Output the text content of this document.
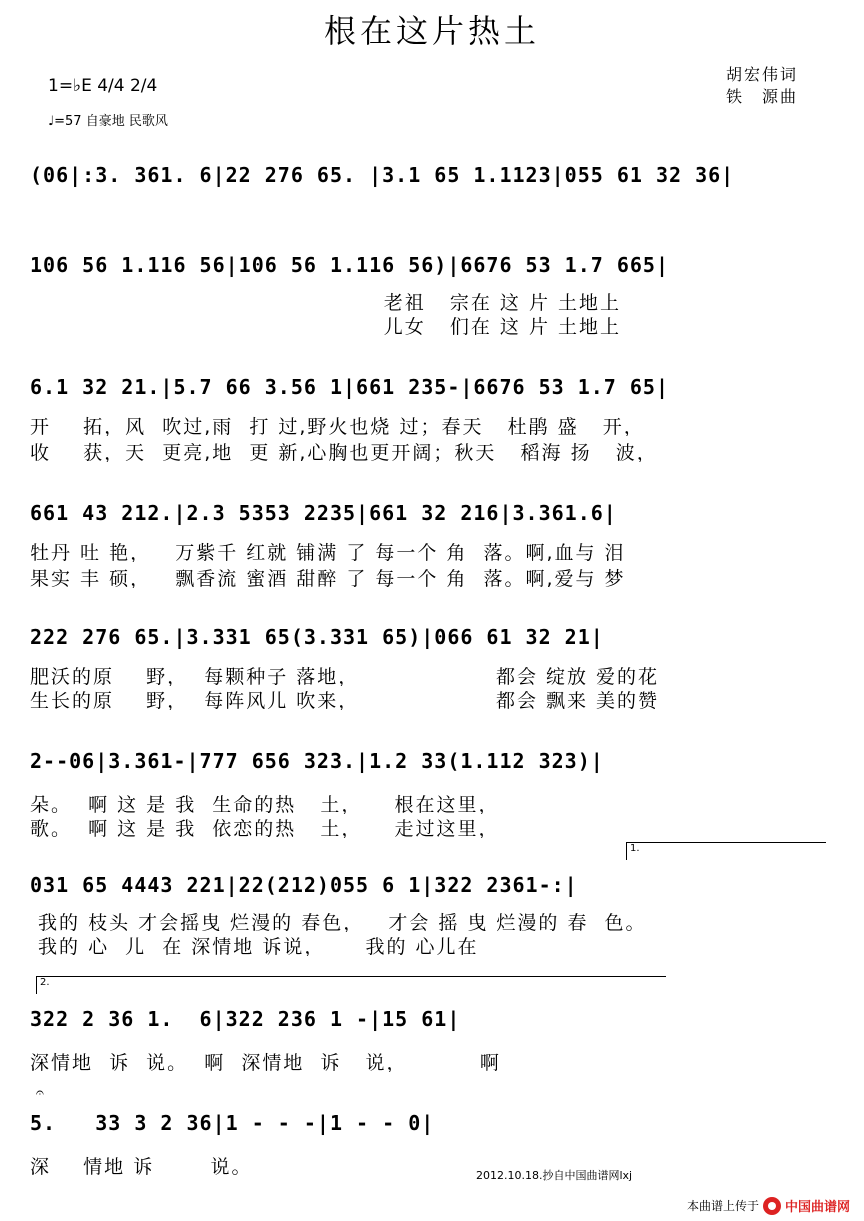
根在这片热土
1=♭E 4/4 2/4
♩=57 自豪地 民歌风
胡宏伟词
铁　源曲
(06|:3. 361. 6|22 276 65. |3.1 65 1.1123|055 61 32 36|
106 56 1.116 56|106 56 1.116 56)|6676 53 1.7 665|
老祖   宗在 这 片 土地上
儿女   们在 这 片 土地上
6.1 32 21.|5.7 66 3.56 1|661 235-|6676 53 1.7 65|
开    拓，风  吹过,雨  打 过,野火也烧 过；春天   杜鹃 盛   开，
收    获，天  更亮,地  更 新,心胸也更开阔；秋天   稻海 扬   波，
661 43 212.|2.3 5353 2235|661 32 216|3.361.6|
牡丹 吐 艳，   万紫千 红就 铺满 了 每一个 角  落。啊,血与 泪
果实 丰 硕，   飘香流 蜜酒 甜醉 了 每一个 角  落。啊,爱与 梦
222 276 65.|3.331 65(3.331 65)|066 61 32 21|
肥沃的原    野，  每颗种子 落地，                 都会 绽放 爱的花
生长的原    野，  每阵风儿 吹来，                 都会 飘来 美的赞
2--06|3.361-|777 656 323.|1.2 33(1.112 323)|
朵。  啊 这 是 我  生命的热   土，    根在这里，
歌。  啊 这 是 我  依恋的热   土，    走过这里，
1.
031 65 4443 221|22(212)055 6 1|322 2361-:|
我的 枝头 才会摇曳 烂漫的 春色，   才会 摇 曳 烂漫的 春  色。
我的 心  儿  在 深情地 诉说，     我的 心儿在
2.
322 2 36 1.  6|322 236 1 -|15 61|
深情地  诉  说。  啊  深情地  诉   说，         啊
𝄐
5.   33 3 2 36|1 - - -|1 - - 0|
深    情地 诉       说。	2012.10.18.抄自中国曲谱网lxj
本曲谱上传于 中国曲谱网
